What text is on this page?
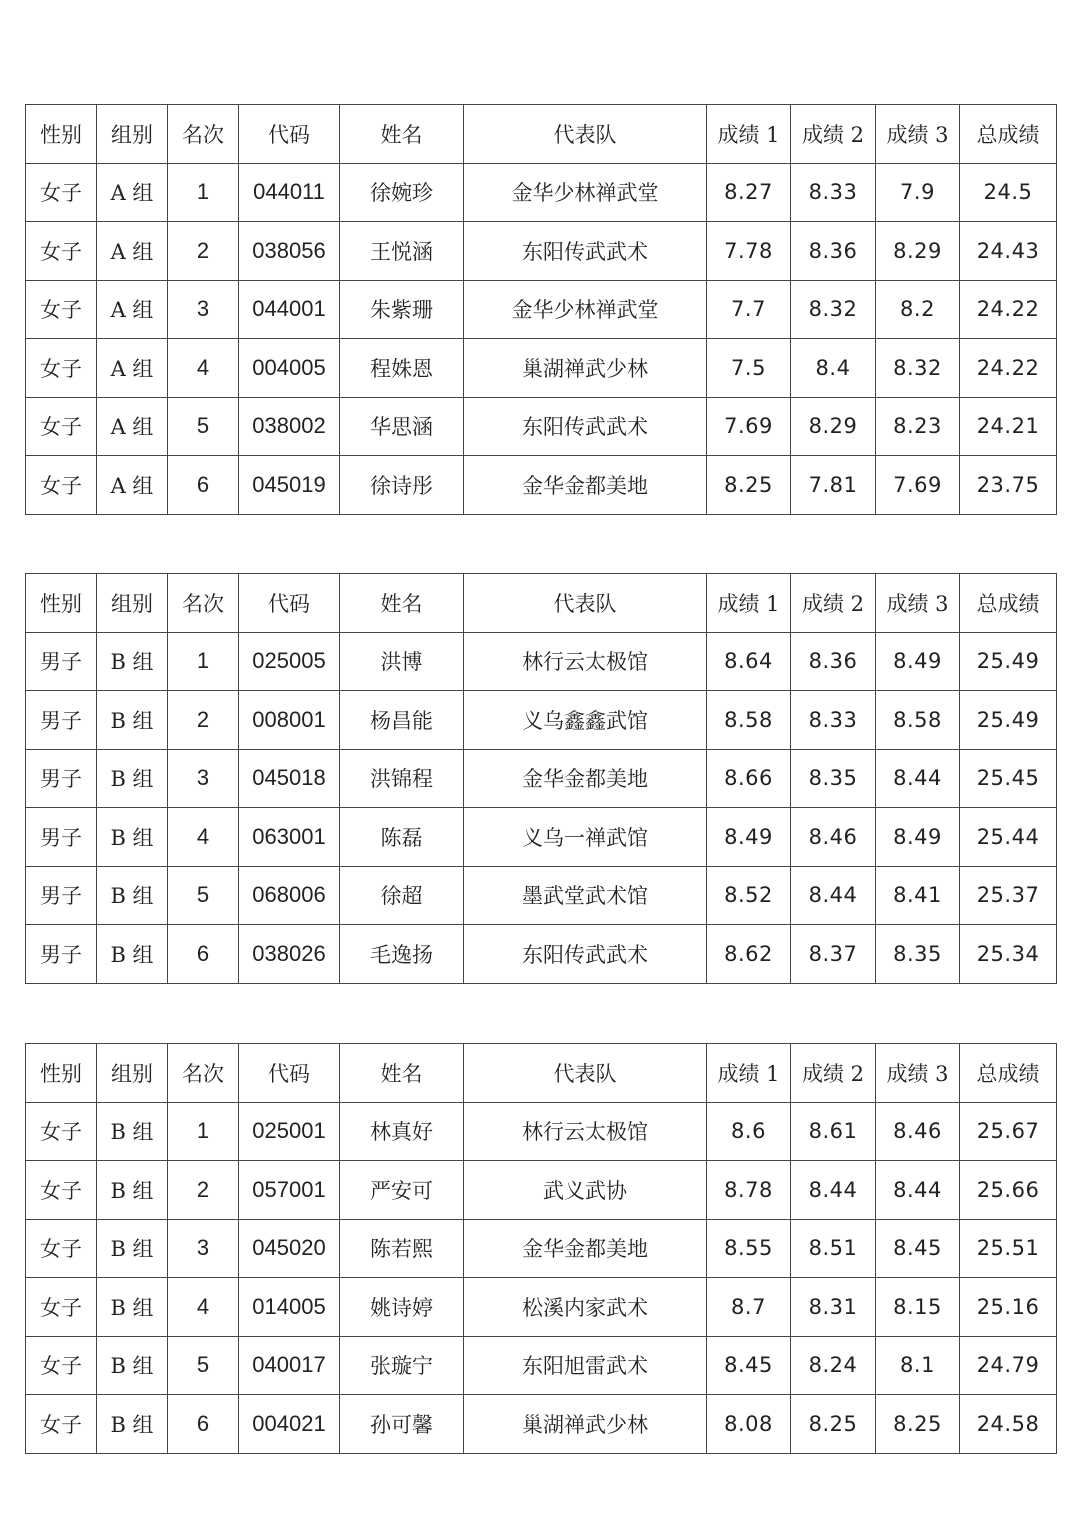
性别	组别	名次	代码	姓名	代表队	成绩 1	成绩 2	成绩 3	总成绩
女子	A 组	1	044011	徐婉珍	金华少林禅武堂	8.27	8.33	7.9	24.5
女子	A 组	2	038056	王悦涵	东阳传武武术	7.78	8.36	8.29	24.43
女子	A 组	3	044001	朱紫珊	金华少林禅武堂	7.7	8.32	8.2	24.22
女子	A 组	4	004005	程姝恩	巢湖禅武少林	7.5	8.4	8.32	24.22
女子	A 组	5	038002	华思涵	东阳传武武术	7.69	8.29	8.23	24.21
女子	A 组	6	045019	徐诗彤	金华金都美地	8.25	7.81	7.69	23.75
性别	组别	名次	代码	姓名	代表队	成绩 1	成绩 2	成绩 3	总成绩
男子	B 组	1	025005	洪博	林行云太极馆	8.64	8.36	8.49	25.49
男子	B 组	2	008001	杨昌能	义乌鑫鑫武馆	8.58	8.33	8.58	25.49
男子	B 组	3	045018	洪锦程	金华金都美地	8.66	8.35	8.44	25.45
男子	B 组	4	063001	陈磊	义乌一禅武馆	8.49	8.46	8.49	25.44
男子	B 组	5	068006	徐超	墨武堂武术馆	8.52	8.44	8.41	25.37
男子	B 组	6	038026	毛逸扬	东阳传武武术	8.62	8.37	8.35	25.34
性别	组别	名次	代码	姓名	代表队	成绩 1	成绩 2	成绩 3	总成绩
女子	B 组	1	025001	林真好	林行云太极馆	8.6	8.61	8.46	25.67
女子	B 组	2	057001	严安可	武义武协	8.78	8.44	8.44	25.66
女子	B 组	3	045020	陈若熙	金华金都美地	8.55	8.51	8.45	25.51
女子	B 组	4	014005	姚诗婷	松溪内家武术	8.7	8.31	8.15	25.16
女子	B 组	5	040017	张璇宁	东阳旭雷武术	8.45	8.24	8.1	24.79
女子	B 组	6	004021	孙可馨	巢湖禅武少林	8.08	8.25	8.25	24.58
